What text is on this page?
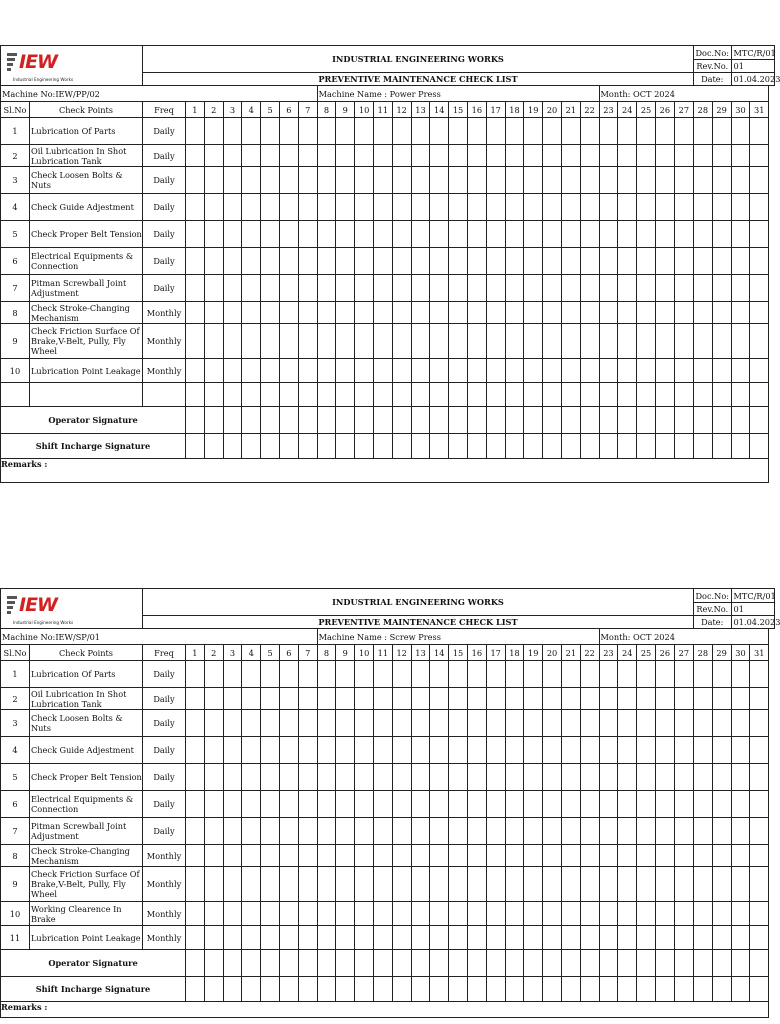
IEW
Industrial Engineering Works		INDUSTRIAL ENGINEERING WORKS																												Doc.No:		MTC/R/01	
																														Rev.No.		01	
		PREVENTIVE MAINTENANCE CHECK LIST																												Date:		01.04.2023	
Machine No:IEW/PP/02										Machine Name : Power Press															Month: OCT 2024								
Sl.No	Check Points	Freq	1	2	3	4	5	6	7	8	9	10	11	12	13	14	15	16	17	18	19	20	21	22	23	24	25	26	27	28	29	30	31
1	Lubrication Of Parts	Daily																															
2	Oil Lubrication In Shot Lubrication Tank	Daily																															
3	Check Loosen Bolts & Nuts	Daily																															
4	Check Guide Adjestment	Daily																															
5	Check Proper Belt Tension	Daily																															
6	Electrical Equipments & Connection	Daily																															
7	Pitman Screwball Joint Adjustment	Daily																															
8	Check Stroke-Changing Mechanism	Monthly																															
9	Check Friction Surface Of Brake,V-Belt, Pully, Fly Wheel	Monthly																															
10	Lubrication Point Leakage	Monthly																															

Operator Signature																																	
Shift Incharge Signature																																	
Remarks :																																	
IEW
Industrial Engineering Works		INDUSTRIAL ENGINEERING WORKS																												Doc.No:		MTC/R/01	
																														Rev.No.		01	
		PREVENTIVE MAINTENANCE CHECK LIST																												Date:		01.04.2023	
Machine No:IEW/SP/01										Machine Name : Screw Press															Month: OCT 2024								
Sl.No	Check Points	Freq	1	2	3	4	5	6	7	8	9	10	11	12	13	14	15	16	17	18	19	20	21	22	23	24	25	26	27	28	29	30	31
1	Lubrication Of Parts	Daily																															
2	Oil Lubrication In Shot Lubrication Tank	Daily																															
3	Check Loosen Bolts & Nuts	Daily																															
4	Check Guide Adjestment	Daily																															
5	Check Proper Belt Tension	Daily																															
6	Electrical Equipments & Connection	Daily																															
7	Pitman Screwball Joint Adjustment	Daily																															
8	Check Stroke-Changing Mechanism	Monthly																															
9	Check Friction Surface Of Brake,V-Belt, Pully, Fly Wheel	Monthly																															
10	Working Clearence In Brake	Monthly																															
11	Lubrication Point Leakage	Monthly																															
Operator Signature																																	
Shift Incharge Signature																																	
Remarks :																																	
